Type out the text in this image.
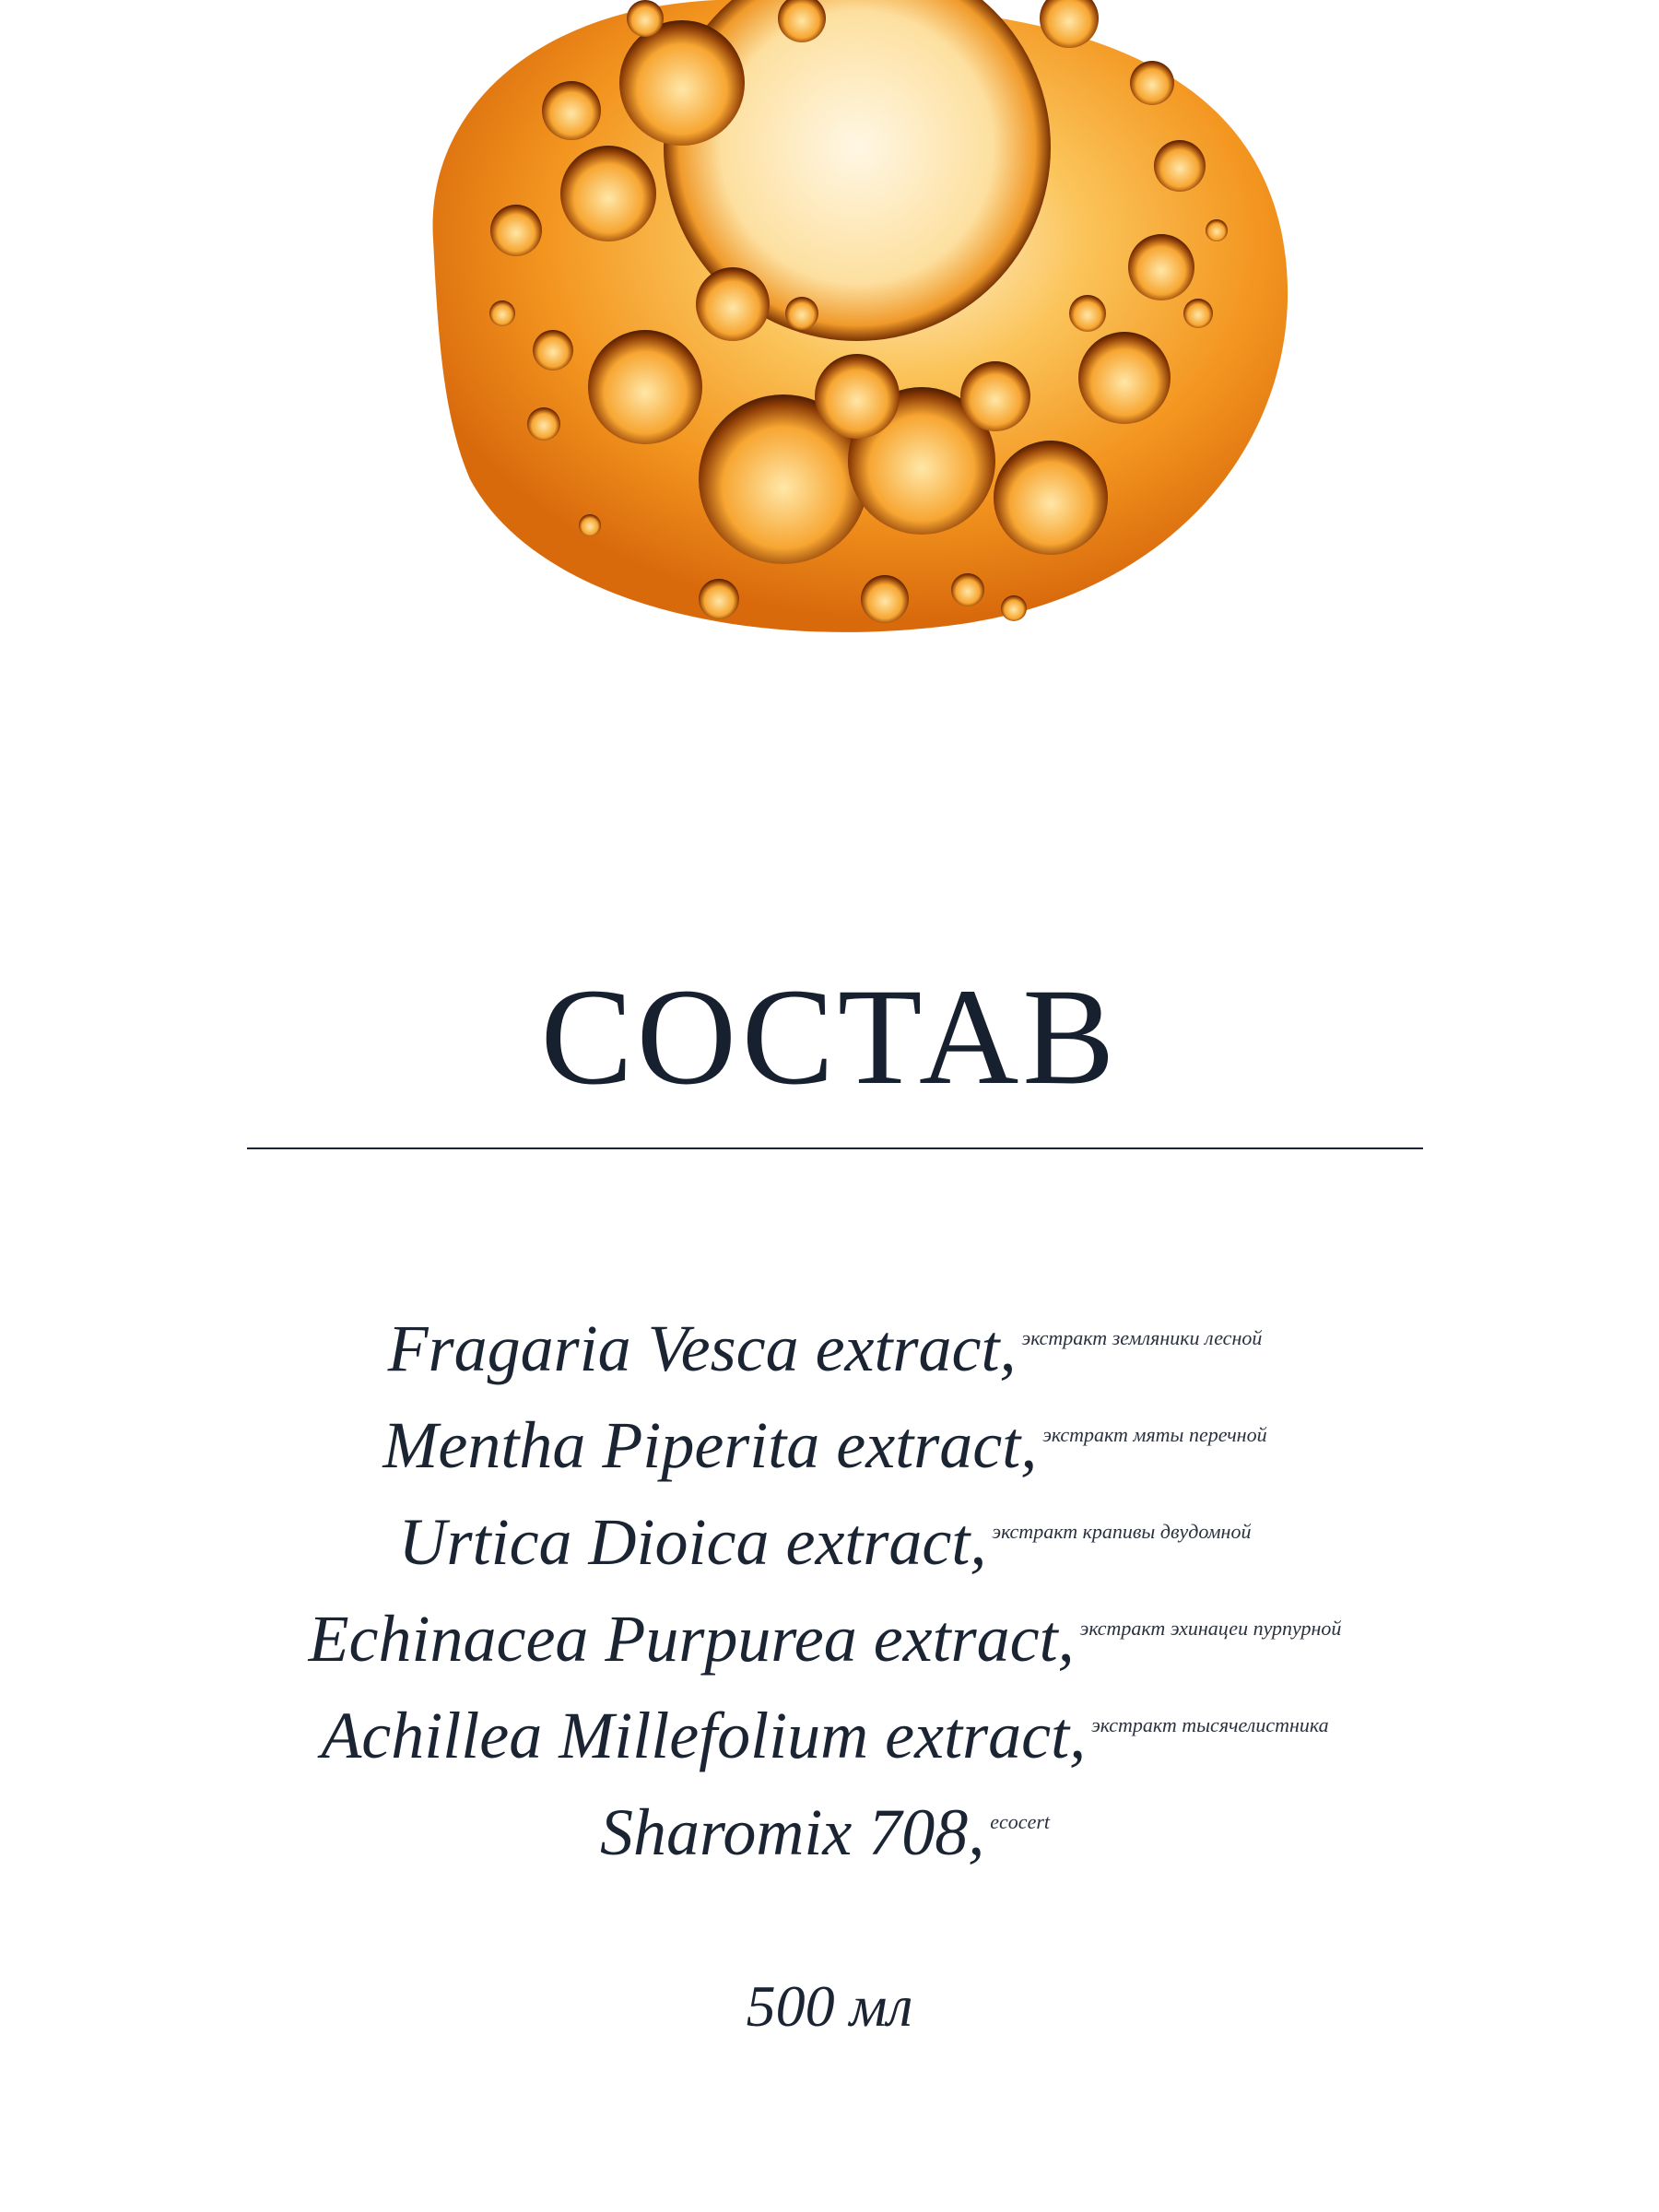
СОСТАВ
Fragaria Vesca extract, $^{экстракт земляники лесной}$ Mentha Piperita extract, $^{экстракт мяты перечной}$ Urtica Dioica extract, $^{экстракт крапивы двудомной}$ Echinacea Purpurea extract, $^{экстракт эхинацеи пурпурной}$ Achillea Millefolium extract, $^{экстракт тысячелистника}$ Sharomix 708, $^{ecocert}$
500 мл
